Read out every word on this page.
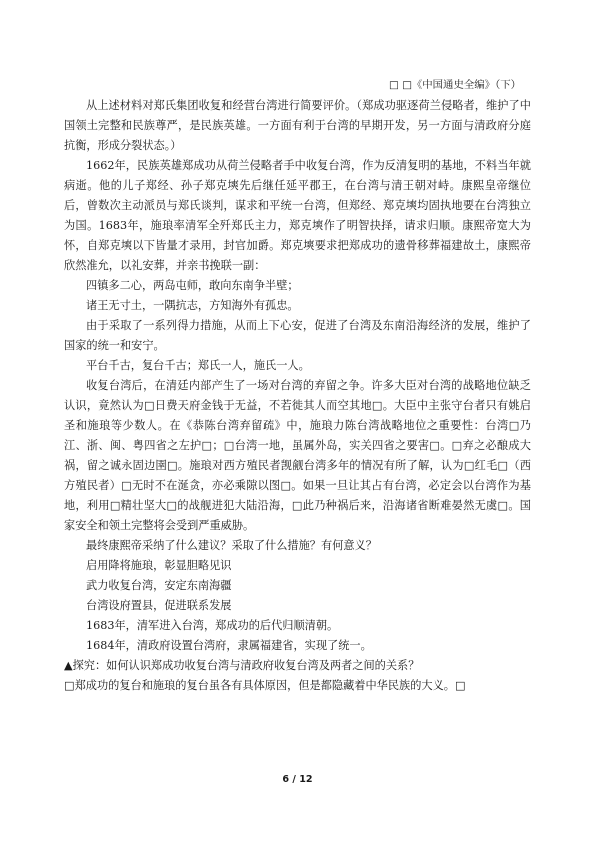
□ □《中国通史全编》（下）

从上述材料对郑氏集团收复和经营台湾进行简要评价。（郑成功驱逐荷兰侵略者，维护了中国领土完整和民族尊严，是民族英雄。一方面有利于台湾的早期开发，另一方面与清政府分庭抗衡，形成分裂状态。）

1662年，民族英雄郑成功从荷兰侵略者手中收复台湾，作为反清复明的基地，不料当年就病逝。他的儿子郑经、孙子郑克塽先后继任延平郡王，在台湾与清王朝对峙。康熙皇帝继位后，曾数次主动派员与郑氏谈判，谋求和平统一台湾，但郑经、郑克塽均固执地要在台湾独立为国。1683年，施琅率清军全歼郑氏主力，郑克塽作了明智抉择，请求归顺。康熙帝宽大为怀，自郑克塽以下皆量才录用，封官加爵。郑克塽要求把郑成功的遗骨移葬福建故土，康熙帝欣然准允，以礼安葬，并亲书挽联一副：

四镇多二心，两岛屯师，敢向东南争半壁；

诸王无寸土，一隅抗志，方知海外有孤忠。

由于采取了一系列得力措施，从而上下心安，促进了台湾及东南沿海经济的发展，维护了国家的统一和安宁。

平台千古，复台千古；郑氏一人，施氏一人。

收复台湾后，在清廷内部产生了一场对台湾的弃留之争。许多大臣对台湾的战略地位缺乏认识，竟然认为□日费天府金钱于无益，不若徙其人而空其地□。大臣中主张守台者只有姚启圣和施琅等少数人。在《恭陈台湾弃留疏》中，施琅力陈台湾战略地位之重要性：台湾□乃江、浙、闽、粤四省之左护□；□台湾一地，虽属外岛，实关四省之要害□。□弃之必酿成大祸，留之诚永固边圉□。施琅对西方殖民者觊觎台湾多年的情况有所了解，认为□红毛□（西方殖民者）□无时不在涎贪，亦必乘隙以图□。如果一旦让其占有台湾，必定会以台湾作为基地，利用□精壮坚大□的战舰进犯大陆沿海，□此乃种祸后来，沿海诸省断难晏然无虞□。国家安全和领土完整将会受到严重威胁。

最终康熙帝采纳了什么建议？采取了什么措施？有何意义？

启用降将施琅，彰显胆略见识

武力收复台湾，安定东南海疆

台湾设府置县，促进联系发展

1683年，清军进入台湾，郑成功的后代归顺清朝。

1684年，清政府设置台湾府，隶属福建省，实现了统一。

▲探究：如何认识郑成功收复台湾与清政府收复台湾及两者之间的关系？

□郑成功的复台和施琅的复台虽各有具体原因，但是都隐藏着中华民族的大义。□

6 / 12
